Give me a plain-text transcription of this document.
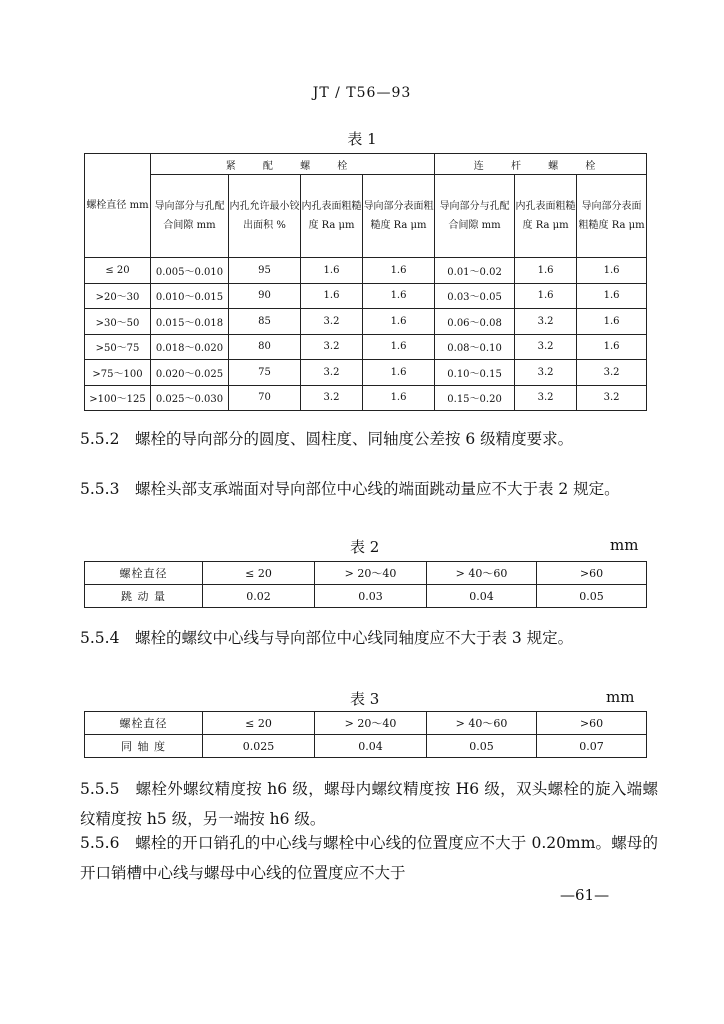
JT / T56—93
表 1
螺栓直径 mm	紧 配 螺 栓				连 杆 螺 栓		
	导向部分与孔配合间隙 mm	内孔允许最小铰出面积 %	内孔表面粗糙度 Ra μm	导向部分表面粗糙度 Ra μm	导向部分与孔配合间隙 mm	内孔表面粗糙度 Ra μm	导向部分表面粗糙度 Ra μm
≤ 20	0.005～0.010	95	1.6	1.6	0.01～0.02	1.6	1.6
>20～30	0.010～0.015	90	1.6	1.6	0.03～0.05	1.6	1.6
>30～50	0.015～0.018	85	3.2	1.6	0.06～0.08	3.2	1.6
>50～75	0.018～0.020	80	3.2	1.6	0.08～0.10	3.2	1.6
>75～100	0.020～0.025	75	3.2	1.6	0.10～0.15	3.2	3.2
>100～125	0.025～0.030	70	3.2	1.6	0.15～0.20	3.2	3.2
5.5.2　螺栓的导向部分的圆度、圆柱度、同轴度公差按 6 级精度要求。
5.5.3　螺栓头部支承端面对导向部位中心线的端面跳动量应不大于表 2 规定。
表 2	mm
螺栓直径	≤ 20	> 20～40	> 40～60	>60
跳 动 量	0.02	0.03	0.04	0.05
5.5.4　螺栓的螺纹中心线与导向部位中心线同轴度应不大于表 3 规定。
表 3	mm
螺栓直径	≤ 20	> 20～40	> 40～60	>60
同 轴 度	0.025	0.04	0.05	0.07
5.5.5　螺栓外螺纹精度按 h6 级，螺母内螺纹精度按 H6 级，双头螺栓的旋入端螺纹精度按 h5 级，另一端按 h6 级。
5.5.6　螺栓的开口销孔的中心线与螺栓中心线的位置度应不大于 0.20mm。螺母的开口销槽中心线与螺母中心线的位置度应不大于
—61—
